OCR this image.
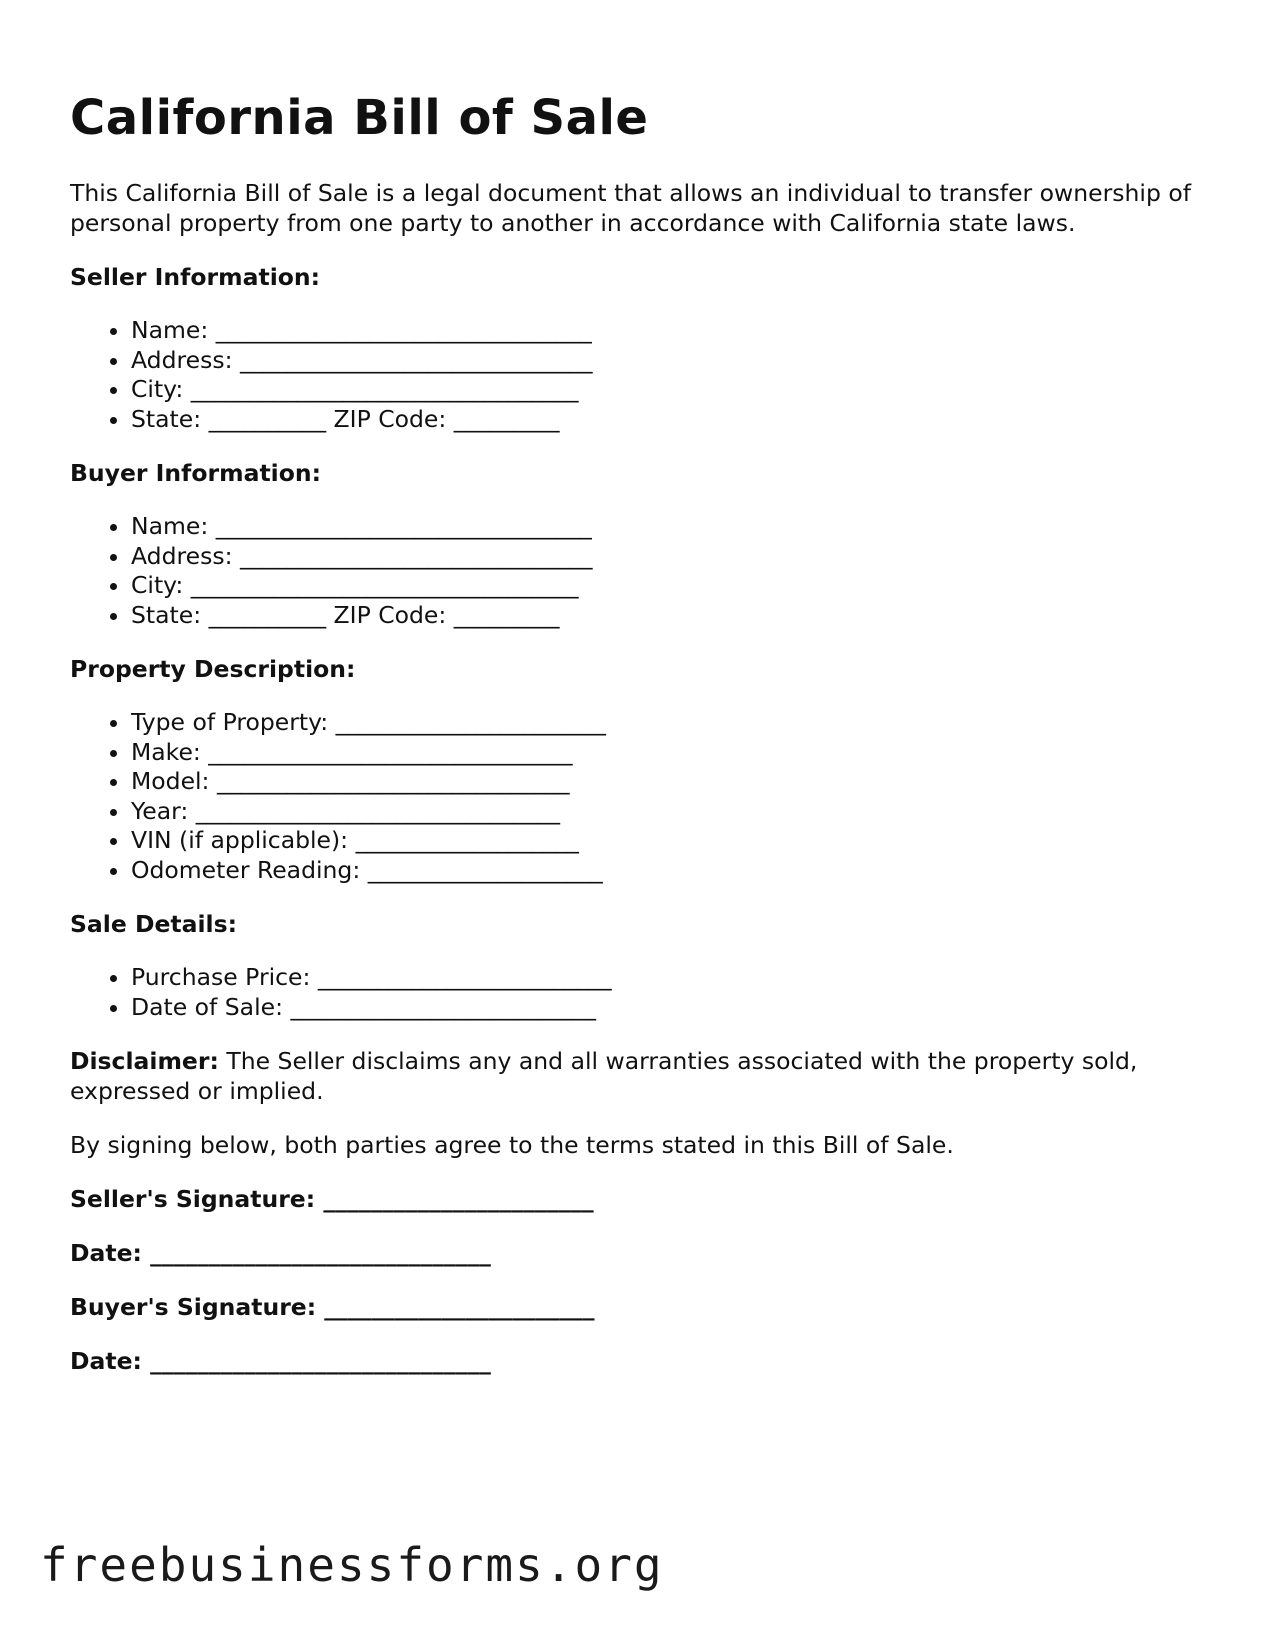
California Bill of Sale

This California Bill of Sale is a legal document that allows an individual to transfer ownership of personal property from one party to another in accordance with California state laws.

Seller Information:
• Name: ________________________________
• Address: ______________________________
• City: _________________________________
• State: __________ ZIP Code: _________
Buyer Information:
• Name: ________________________________
• Address: ______________________________
• City: _________________________________
• State: __________ ZIP Code: _________
Property Description:
• Type of Property: _______________________
• Make: _______________________________
• Model: ______________________________
• Year: _______________________________
• VIN (if applicable): ___________________
• Odometer Reading: ____________________
Sale Details:
• Purchase Price: _________________________
• Date of Sale: __________________________

Disclaimer: The Seller disclaims any and all warranties associated with the property sold, expressed or implied.

By signing below, both parties agree to the terms stated in this Bill of Sale.

Seller's Signature: _______________________
Date: _____________________________
Buyer's Signature: _______________________
Date: _____________________________
freebusinessforms.org
